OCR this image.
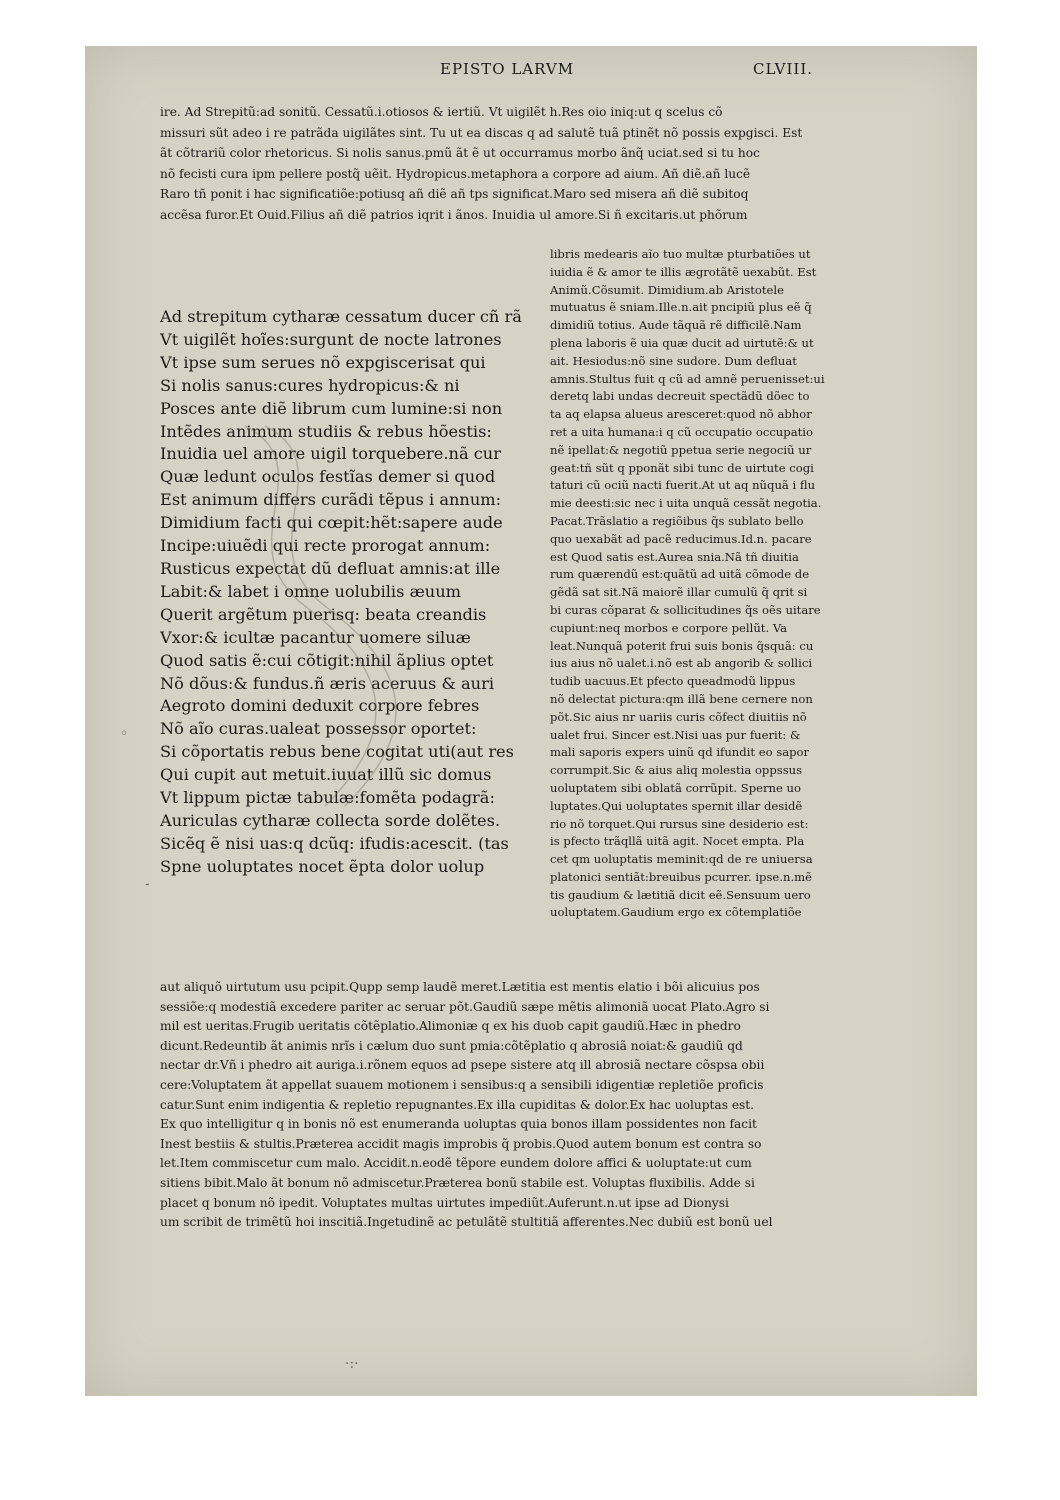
EPISTO LARVM	CLVIII.
ire. Ad Strepitũ:ad sonitũ. Cessatũ.i.otiosos & iertiũ. Vt uigilẽt h.Res oio iniq:ut q scelus cõ
missuri sũt adeo i re patrãda uigilãtes sint. Tu ut ea discas q ad salutẽ tuã ptinẽt nõ possis expgisci. Est
ãt cõtrariũ color rhetoricus. Si nolis sanus.pmũ ãt ẽ ut occurramus morbo ãnq̃ uciat.sed si tu hoc
nõ fecisti cura ipm pellere postq̃ uẽit. Hydropicus.metaphora a corpore ad aium. Añ diẽ.añ lucẽ
Raro tñ ponit i hac significatiõe:potiusq añ diẽ añ tps significat.Maro sed misera añ diẽ subitoq
accẽsa furor.Et Ouid.Filius añ diẽ patrios iqrit i ãnos. Inuidia ul amore.Si ñ excitaris.ut phõrum
Ad strepitum cytharæ cessatum ducer cñ rã
Vt uigilẽt hoĩes:surgunt de nocte latrones
Vt ipse sum serues nõ expgiscerisat qui
Si nolis sanus:cures hydropicus:& ni
Posces ante diẽ librum cum lumine:si non
Intẽdes animum studiis & rebus hõestis:
Inuidia uel amore uigil torquebere.nã cur
Quæ ledunt oculos festĩas demer si quod
Est animum differs curãdi tẽpus i annum:
Dimidium facti qui cœpit:hẽt:sapere aude
Incipe:uiuẽdi qui recte prorogat annum:
Rusticus expectat dũ defluat amnis:at ille
Labit:& labet i omne uolubilis æuum
Querit argẽtum puerisq: beata creandis
Vxor:& icultæ pacantur uomere siluæ
Quod satis ẽ:cui cõtigit:nihil ãplius optet
Nõ dõus:& fundus.ñ æris aceruus & auri
Aegroto domini deduxit corpore febres
Nõ aĩo curas.ualeat possessor oportet:
Si cõportatis rebus bene cogitat uti(aut res
Qui cupit aut metuit.iuuat illũ sic domus
Vt lippum pictæ tabulæ:fomẽta podagrã:
Auriculas cytharæ collecta sorde dolẽtes.
Sicẽq ẽ nisi uas:q dcũq: ifudis:acescit. (tas
Spne uoluptates nocet ẽpta dolor uolup
libris medearis aĩo tuo multæ pturbatiões ut
iuidia ẽ & amor te illis ægrotãtẽ uexabũt. Est
Animũ.Cõsumit. Dimidium.ab Aristotele
mutuatus ẽ sniam.Ille.n.ait pncipiũ plus eẽ q̃
dimidiũ totius. Aude tãquã rẽ difficilẽ.Nam
plena laboris ẽ uia quæ ducit ad uirtutẽ:& ut
ait. Hesiodus:nõ sine sudore. Dum defluat
amnis.Stultus fuit q cũ ad amnẽ peruenisset:ui
deretq labi undas decreuit spectãdũ dõec to
ta aq elapsa alueus aresceret:quod nõ abhor
ret a uita humana:i q cũ occupatio occupatio
nẽ ipellat:& negotiũ ppetua serie negociũ ur
geat:tñ sũt q pponãt sibi tunc de uirtute cogi
taturi cũ ociũ nacti fuerit.At ut aq nũquã i flu
mie deesti:sic nec i uita unquã cessãt negotia.
Pacat.Trãslatio a regiõibus q̃s sublato bello
quo uexabãt ad pacẽ reducimus.Id.n. pacare
est Quod satis est.Aurea snia.Nã tñ diuitia
rum quærendũ est:quãtũ ad uitã cõmode de
gẽdã sat sit.Nã maiorẽ illar cumulũ q̃ qrit si
bi curas cõparat & sollicitudines q̃s oẽs uitare
cupiunt:neq morbos e corpore pellũt. Va
leat.Nunquã poterit frui suis bonis q̃squã: cu
ius aius nõ ualet.i.nõ est ab angorib & sollici
tudib uacuus.Et pfecto queadmodũ lippus
nõ delectat pictura:qm illã bene cernere non
põt.Sic aius nr uariis curis cõfect diuitiis nõ
ualet frui. Sincer est.Nisi uas pur fuerit: &
mali saporis expers uinũ qd ifundit eo sapor
corrumpit.Sic & aius aliq molestia oppssus
uoluptatem sibi oblatã corrũpit. Sperne uo
luptates.Qui uoluptates spernit illar desidẽ
rio nõ torquet.Qui rursus sine desiderio est:
is pfecto trãqllã uitã agit. Nocet empta. Pla
cet qm uoluptatis meminit:qd de re uniuersa
platonici sentiãt:breuibus pcurrer. ipse.n.mẽ
tis gaudium & lætitiã dicit eẽ.Sensuum uero
uoluptatem.Gaudium ergo ex cõtemplatiõe
aut aliquõ uirtutum usu pcipit.Qupp semp laudẽ meret.Lætitia est mentis elatio i bõi alicuius pos
sessiõe:q modestiã excedere pariter ac seruar põt.Gaudiũ sæpe mẽtis alimoniã uocat Plato.Agro si
mil est ueritas.Frugib ueritatis cõtẽplatio.Alimoniæ q ex his duob capit gaudiũ.Hæc in phedro
dicunt.Redeuntib ãt animis nrĩs i cælum duo sunt pmia:cõtẽplatio q abrosiã noiat:& gaudiũ qd
nectar dr.Vñ i phedro ait auriga.i.rõnem equos ad psepe sistere atq ill abrosiã nectare cõspsa obii
cere:Voluptatem ãt appellat suauem motionem i sensibus:q a sensibili idigentiæ repletiõe proficis
catur.Sunt enim indigentia & repletio repugnantes.Ex illa cupiditas & dolor.Ex hac uoluptas est.
Ex quo intelligitur q in bonis nõ est enumeranda uoluptas quia bonos illam possidentes non facit
Inest bestiis & stultis.Præterea accidit magis improbis q̃ probis.Quod autem bonum est contra so
let.Item commiscetur cum malo. Accidit.n.eodẽ tẽpore eundem dolore affici & uoluptate:ut cum
sitiens bibit.Malo ãt bonum nõ admiscetur.Præterea bonũ stabile est. Voluptas fluxibilis. Adde si
placet q bonum nõ ipedit. Voluptates multas uirtutes impediũt.Auferunt.n.ut ipse ad Dionysi
um scribit de trimẽtũ hoi inscitiã.Ingetudinẽ ac petulãtẽ stultitiã afferentes.Nec dubiũ est bonũ uel
◦
-
·:·
